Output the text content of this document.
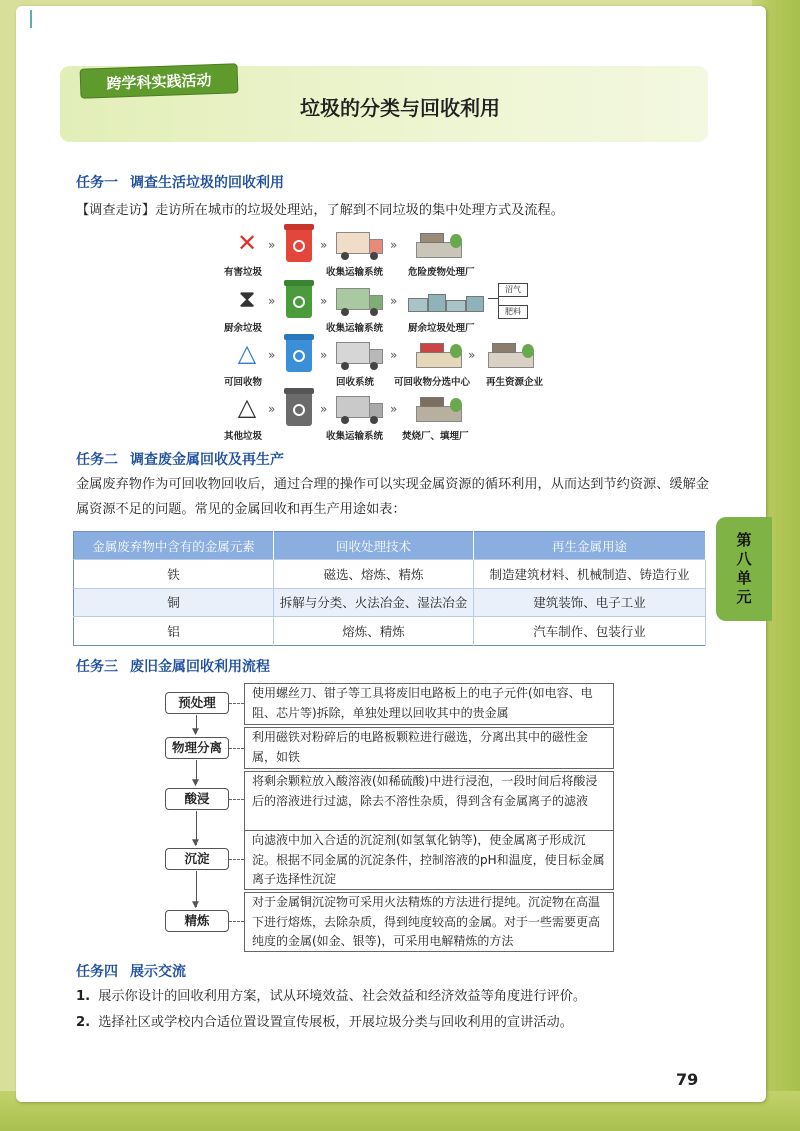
跨学科实践活动
垃圾的分类与回收利用
任务一 调查生活垃圾的回收利用
【调查走访】走访所在城市的垃圾处理站，了解到不同垃圾的集中处理方式及流程。
✕ »	»	»
有害垃圾	收集运输系统	危险废物处理厂
⧗	»	»	»
沼气
肥料
厨余垃圾	收集运输系统	厨余垃圾处理厂
△ »	»	»	»
可回收物	回收系统 可回收物分选中心 再生资源企业
△ »	»	»
其他垃圾	收集运输系统 焚烧厂、填埋厂
任务二 调查废金属回收及再生产
金属废弃物作为可回收物回收后，通过合理的操作可以实现金属资源的循环利用，从而达到节约资源、缓解金属资源不足的问题。常见的金属回收和再生产用途如表：
金属废弃物中含有的金属元素	回收处理技术	再生金属用途
铁	磁选、熔炼、精炼	制造建筑材料、机械制造、铸造行业
铜	拆解与分类、火法冶金、湿法冶金	建筑装饰、电子工业
铝	熔炼、精炼	汽车制作、包装行业
第
八
单
元
任务三 废旧金属回收利用流程
预处理
使用螺丝刀、钳子等工具将废旧电路板上的电子元件(如电容、电阻、芯片等)拆除，单独处理以回收其中的贵金属
▼
物理分离
利用磁铁对粉碎后的电路板颗粒进行磁选，分离出其中的磁性金属，如铁
▼
酸浸
将剩余颗粒放入酸溶液(如稀硫酸)中进行浸泡，一段时间后将酸浸后的溶液进行过滤，除去不溶性杂质，得到含有金属离子的滤液
▼
沉淀
向滤液中加入合适的沉淀剂(如氢氧化钠等)，使金属离子形成沉淀。根据不同金属的沉淀条件，控制溶液的pH和温度，使目标金属离子选择性沉淀
▼
精炼
对于金属铜沉淀物可采用火法精炼的方法进行提纯。沉淀物在高温下进行熔炼，去除杂质，得到纯度较高的金属。对于一些需要更高纯度的金属(如金、银等)，可采用电解精炼的方法
任务四 展示交流
1. 展示你设计的回收利用方案，试从环境效益、社会效益和经济效益等角度进行评价。
2. 选择社区或学校内合适位置设置宣传展板，开展垃圾分类与回收利用的宣讲活动。
79
